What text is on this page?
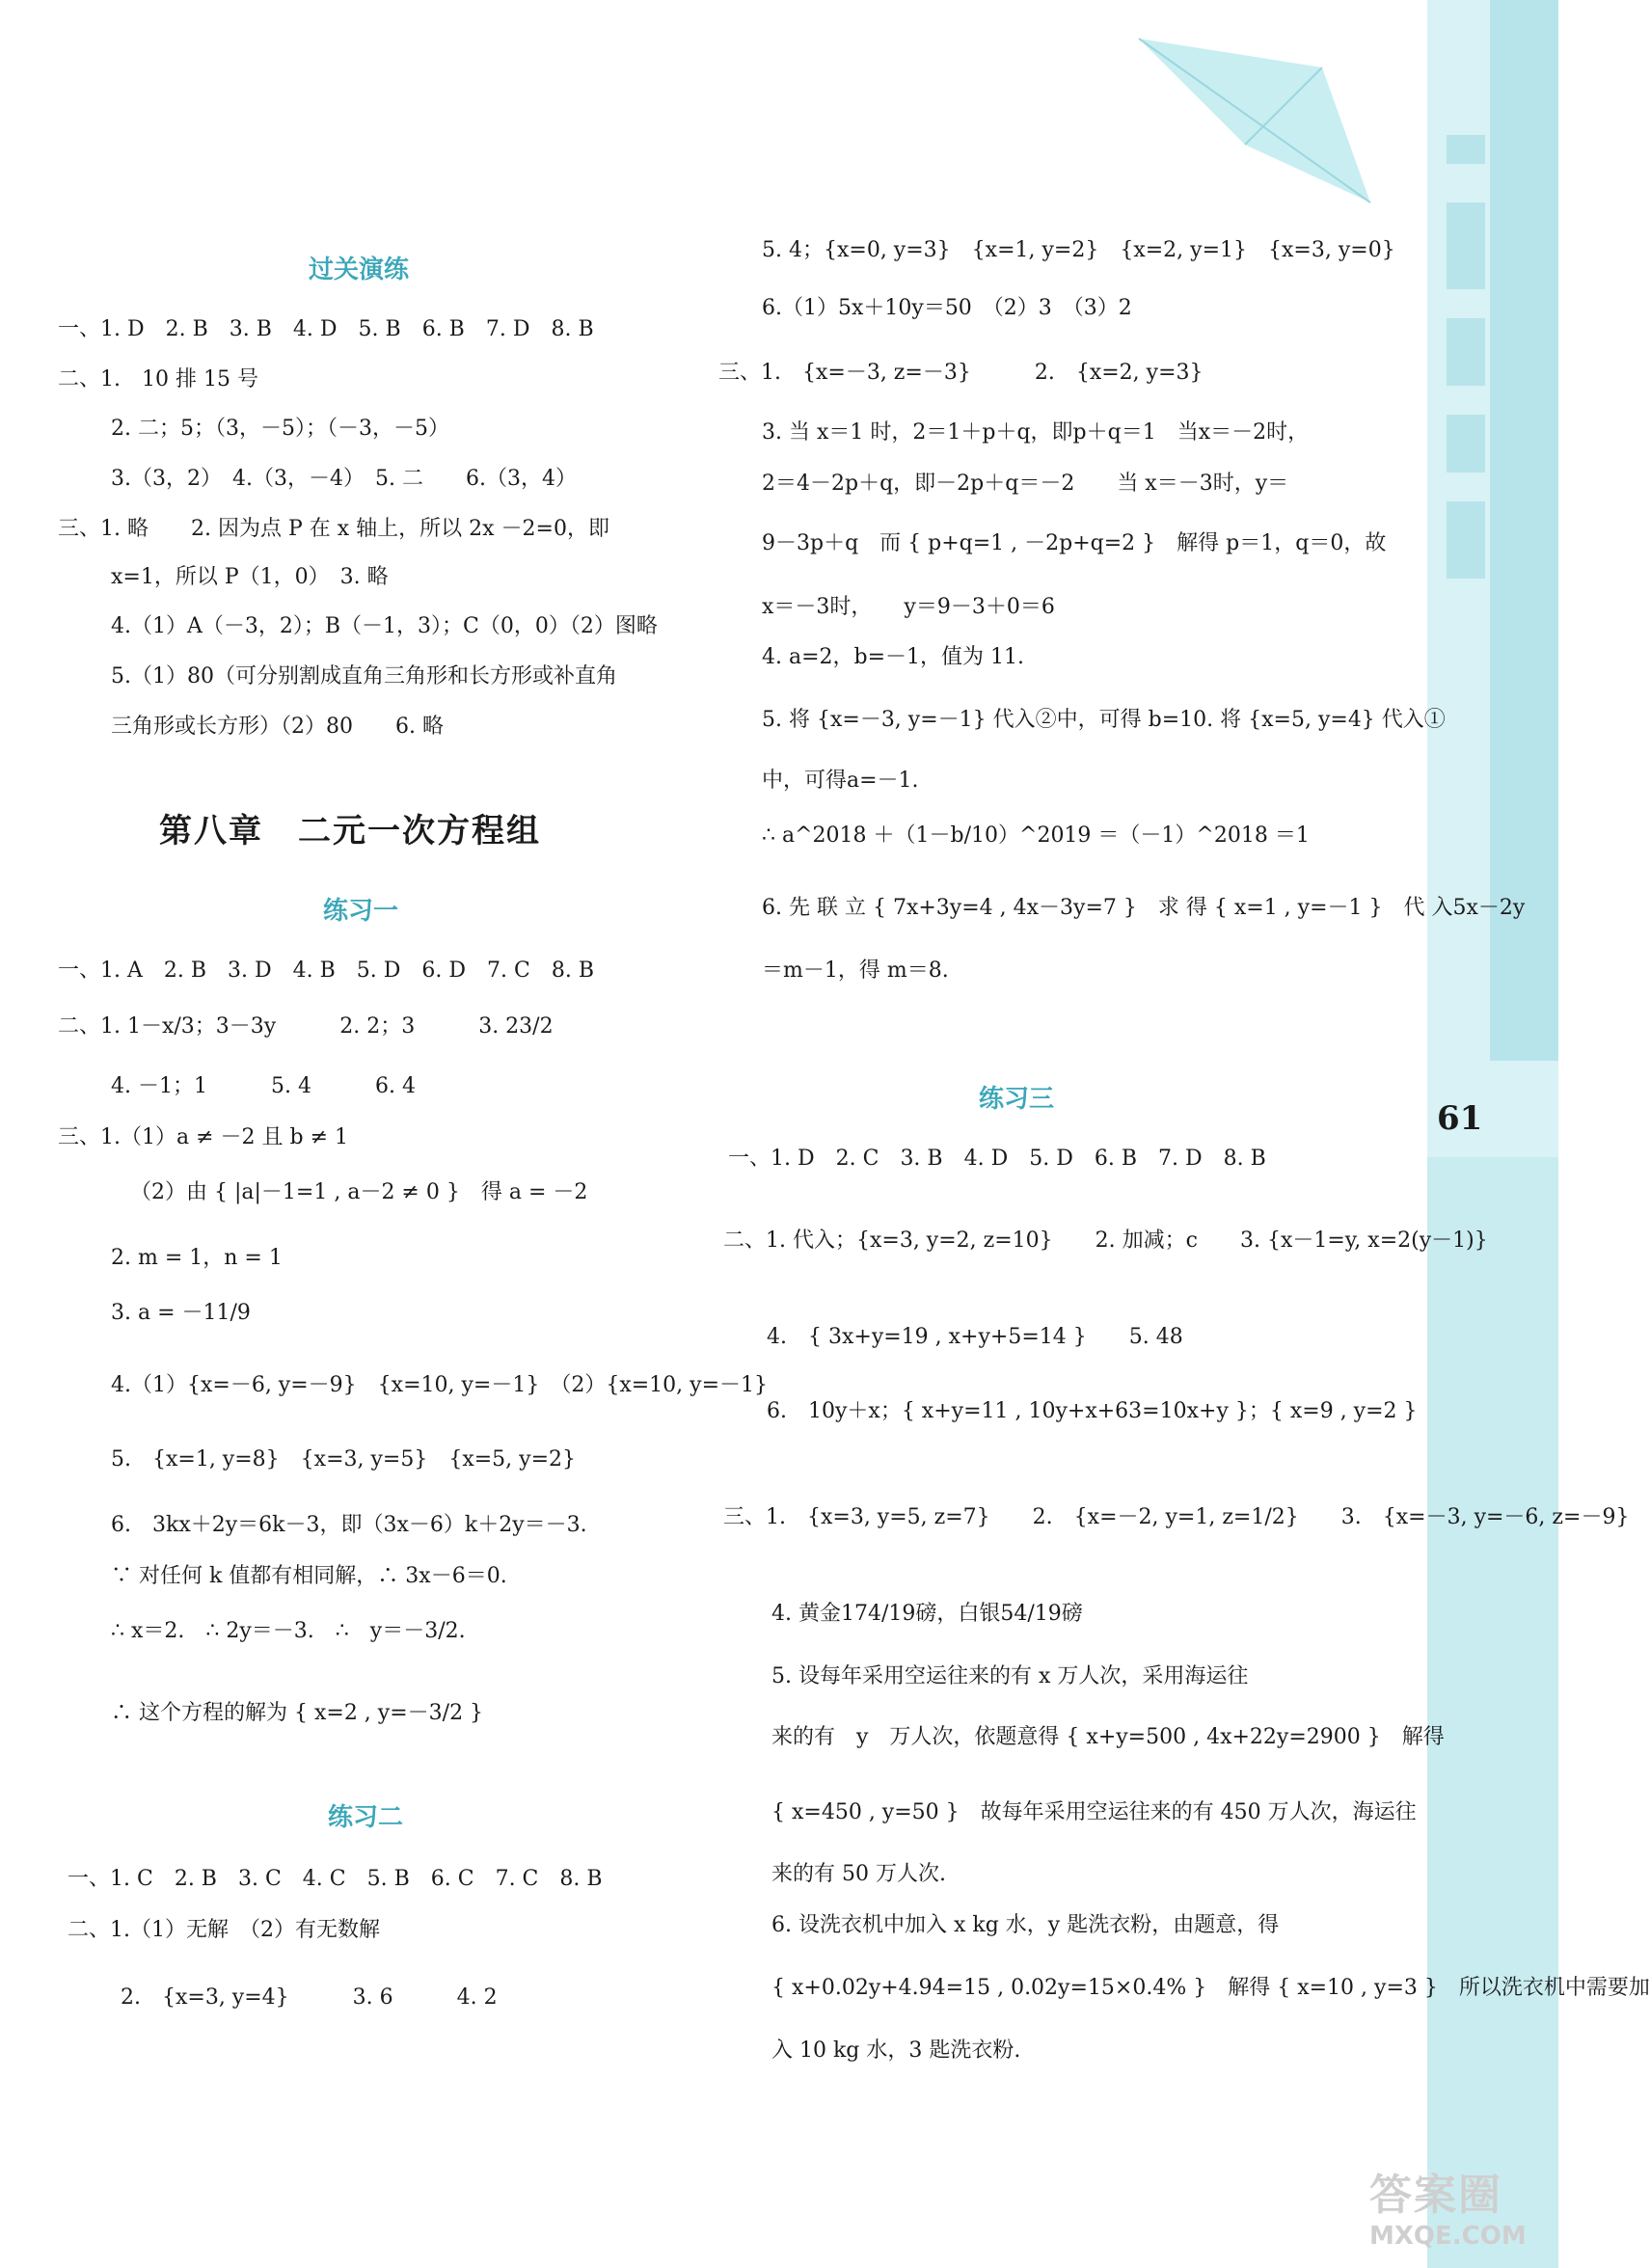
61
过关演练
一、1. D　2. B　3. B　4. D　5. B　6. B　7. D　8. B
二、1.　10 排 15 号
2. 二；5；（3，－5）；（－3，－5）
3.（3，2）　4.（3，－4）　5. 二　　6.（3，4）
三、1. 略　　2. 因为点 P 在 x 轴上，所以 2x －2=0，即
x=1，所以 P（1，0）　3. 略
4.（1）A（－3，2）；B（－1，3）；C（0，0）（2）图略
5.（1）80（可分别割成直角三角形和长方形或补直角
三角形或长方形）（2）80　　6. 略
第八章　二元一次方程组
练习一
一、1. A　2. B　3. D　4. B　5. D　6. D　7. C　8. B
二、1. 1－x/3；3－3y　　　2. 2；3　　　3. 23/2
4. －1；1　　　5. 4　　　6. 4
三、1.（1）a ≠ －2 且 b ≠ 1
（2）由 { |a|－1=1 , a－2 ≠ 0 }　得 a = －2
2. m = 1，n = 1
3. a = －11/9
4.（1）{x=－6, y=－9}　{x=10, y=－1}　（2）{x=10, y=－1}
5.　{x=1, y=8}　{x=3, y=5}　{x=5, y=2}
6.　3kx＋2y＝6k－3，即（3x－6）k＋2y＝－3.
∵ 对任何 k 值都有相同解，∴ 3x－6＝0.
∴ x＝2.　∴ 2y＝－3.　∴　y＝－3/2.
∴ 这个方程的解为 { x=2 , y=－3/2 }
练习二
一、1. C　2. B　3. C　4. C　5. B　6. C　7. C　8. B
二、1.（1）无解　（2）有无数解
2.　{x=3, y=4}　　　3. 6　　　4. 2
5. 4；{x=0, y=3}　{x=1, y=2}　{x=2, y=1}　{x=3, y=0}
6.（1）5x＋10y＝50　（2）3　（3）2
三、1.　{x=－3, z=－3}　　　2.　{x=2, y=3}
3. 当 x＝1 时，2＝1＋p＋q，即p＋q＝1　当x＝－2时，
2＝4－2p＋q，即－2p＋q＝－2　　当 x＝－3时，y＝
9－3p＋q　而 { p+q=1 , －2p+q=2 }　解得 p＝1，q＝0，故
x＝－3时，　　y＝9－3＋0＝6
4. a=2，b=－1，值为 11.
5. 将 {x=－3, y=－1} 代入②中，可得 b=10. 将 {x=5, y=4} 代入①
中，可得a=－1.
∴ a^2018 ＋（1－b/10）^2019 ＝（－1）^2018 ＝1
6. 先 联 立 { 7x+3y=4 , 4x－3y=7 }　求 得 { x=1 , y=－1 }　代 入5x－2y
＝m－1，得 m＝8.
练习三
一、1. D　2. C　3. B　4. D　5. D　6. B　7. D　8. B
二、1. 代入；{x=3, y=2, z=10}　　2. 加减；c　　3. {x－1=y, x=2(y－1)}
4.　{ 3x+y=19 , x+y+5=14 }　　5. 48
6.　10y＋x；{ x+y=11 , 10y+x+63=10x+y }；{ x=9 , y=2 }
三、1.　{x=3, y=5, z=7}　　2.　{x=－2, y=1, z=1/2}　　3.　{x=－3, y=－6, z=－9}
4. 黄金174/19磅，白银54/19磅
5. 设每年采用空运往来的有 x 万人次，采用海运往
来的有　y　万人次，依题意得 { x+y=500 , 4x+22y=2900 }　解得
{ x=450 , y=50 }　故每年采用空运往来的有 450 万人次，海运往
来的有 50 万人次.
6. 设洗衣机中加入 x kg 水，y 匙洗衣粉，由题意，得
{ x+0.02y+4.94=15 , 0.02y=15×0.4% }　解得 { x=10 , y=3 }　所以洗衣机中需要加
入 10 kg 水，3 匙洗衣粉.
答案圈
MXQE.COM
